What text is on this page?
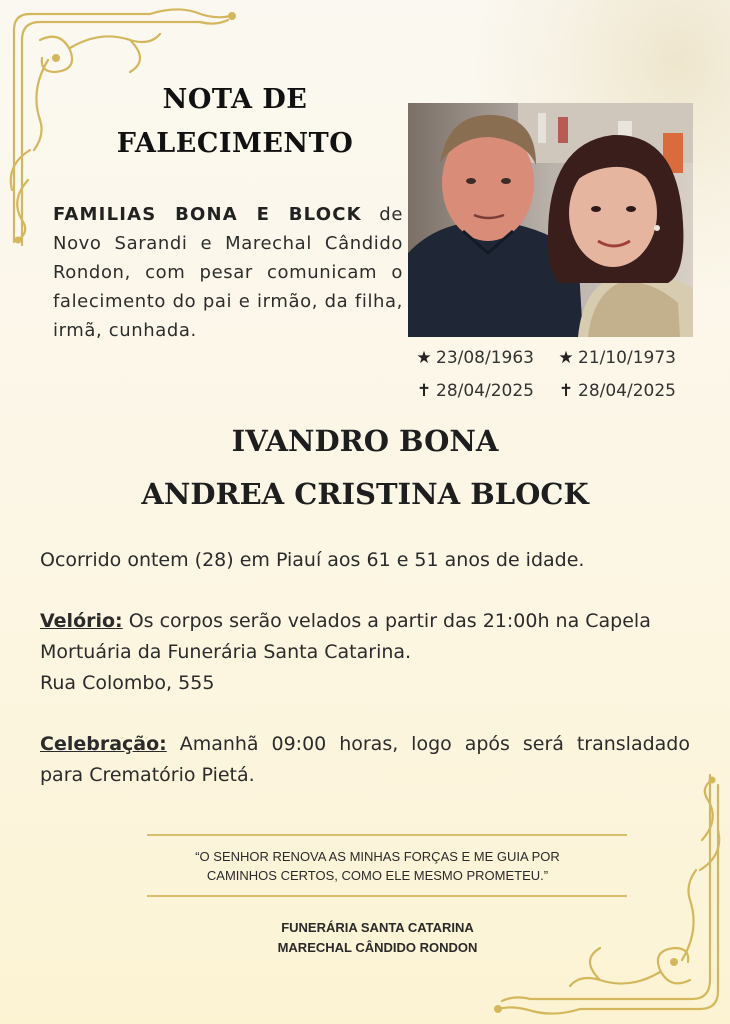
NOTA DE
FALECIMENTO
FAMILIAS BONA E BLOCK de Novo Sarandi e Marechal Cândido Rondon, com pesar comunicam o falecimento do pai e irmão, da filha, irmã, cunhada.
★ 23/08/1963 ★ 21/10/1973
✝ 28/04/2025 ✝ 28/04/2025
IVANDRO BONA
ANDREA CRISTINA BLOCK
Ocorrido ontem (28) em Piauí aos 61 e 51 anos de idade.
Velório: Os corpos serão velados a partir das 21:00h na Capela Mortuária da Funerária Santa Catarina.
Rua Colombo, 555
Celebração: Amanhã 09:00 horas, logo após será transladado para Crematório Pietá.
“O SENHOR RENOVA AS MINHAS FORÇAS E ME GUIA POR
CAMINHOS CERTOS, COMO ELE MESMO PROMETEU.”
FUNERÁRIA SANTA CATARINA
MARECHAL CÂNDIDO RONDON
